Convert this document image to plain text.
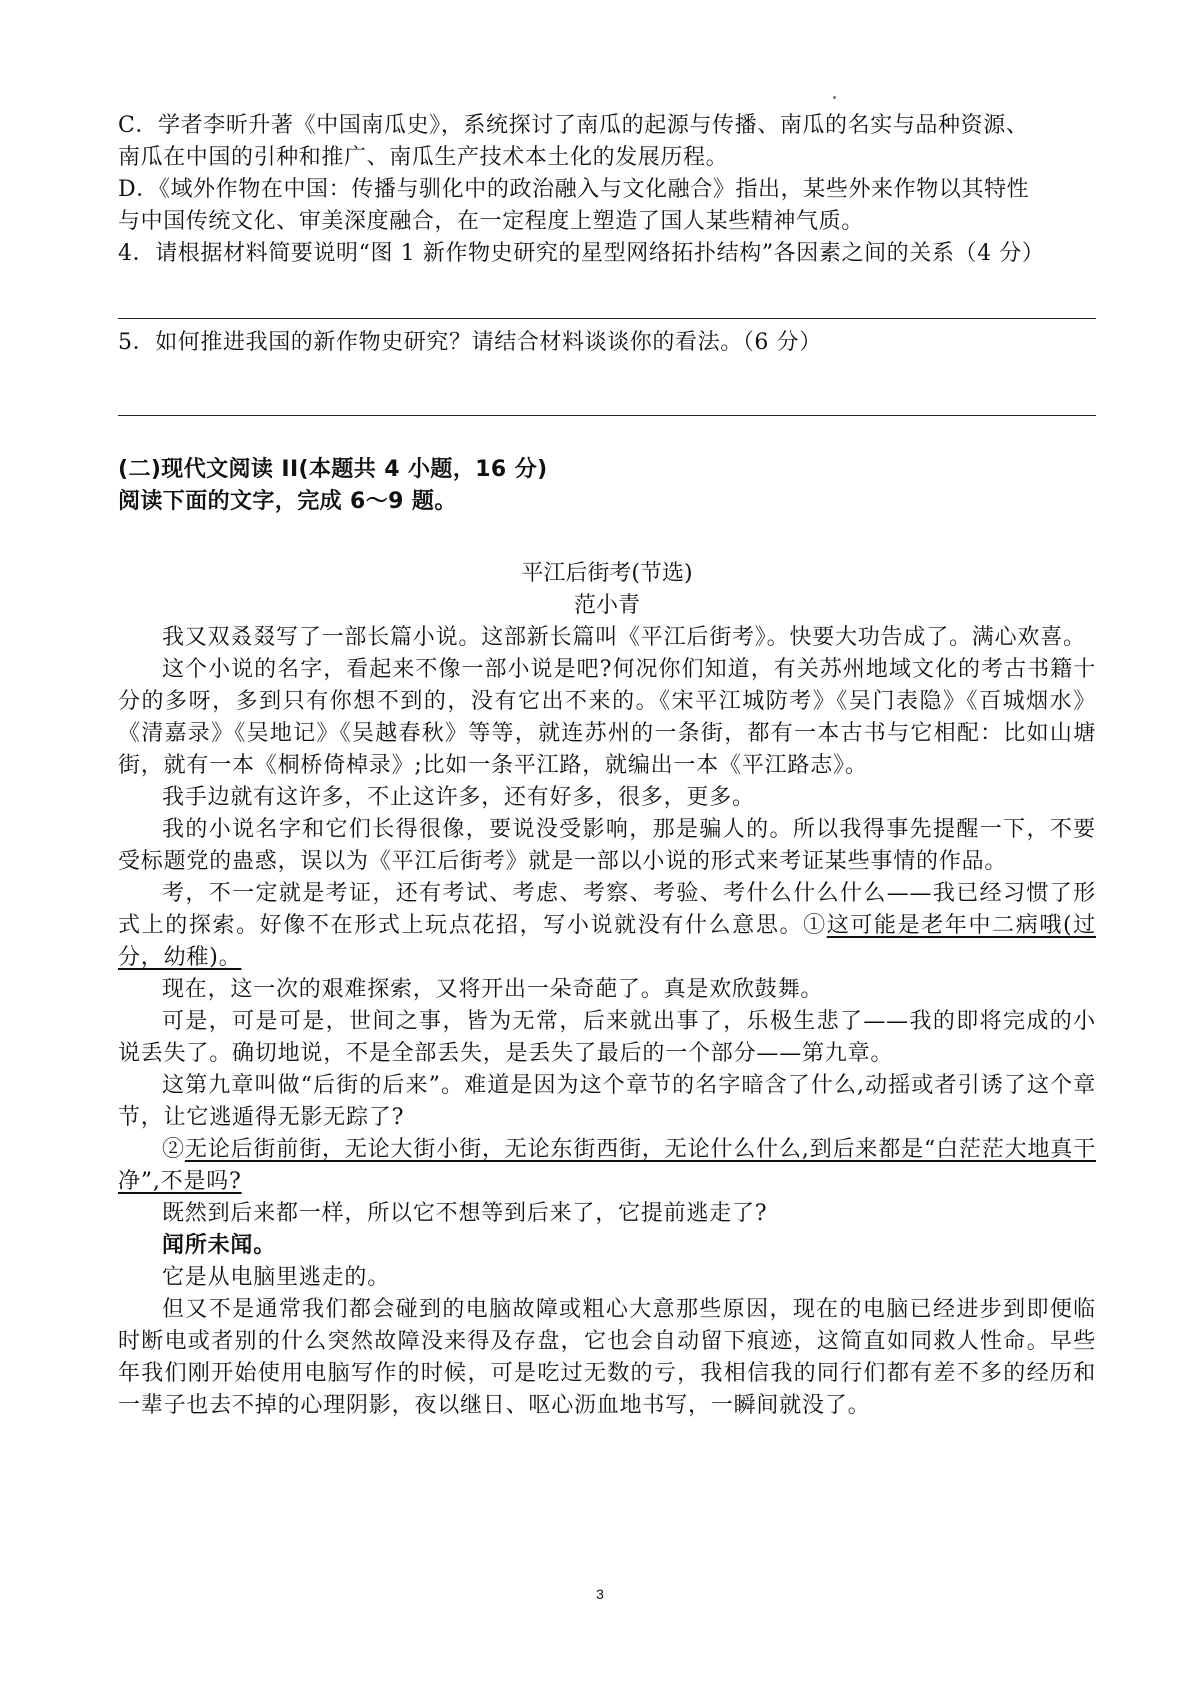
C．学者李昕升著《中国南瓜史》，系统探讨了南瓜的起源与传播、南瓜的名实与品种资源、

南瓜在中国的引种和推广、南瓜生产技术本土化的发展历程。

D．《域外作物在中国：传播与驯化中的政治融入与文化融合》指出，某些外来作物以其特性

与中国传统文化、审美深度融合，在一定程度上塑造了国人某些精神气质。

4．请根据材料简要说明“图 1 新作物史研究的星型网络拓扑结构”各因素之间的关系（4 分）

5．如何推进我国的新作物史研究？请结合材料谈谈你的看法。（6 分）

(二)现代文阅读 II(本题共 4 小题，16 分)

阅读下面的文字，完成 6～9 题。

平江后街考(节选)

范小青

我又双叒叕写了一部长篇小说。这部新长篇叫《平江后街考》。快要大功告成了。满心欢喜。

这个小说的名字，看起来不像一部小说是吧?何况你们知道，有关苏州地域文化的考古书籍十分的多呀，多到只有你想不到的，没有它出不来的。《宋平江城防考》《吴门表隐》《百城烟水》《清嘉录》《吴地记》《吴越春秋》等等，就连苏州的一条街，都有一本古书与它相配：比如山塘街，就有一本《桐桥倚棹录》;比如一条平江路，就编出一本《平江路志》。

我手边就有这许多，不止这许多，还有好多，很多，更多。

我的小说名字和它们长得很像，要说没受影响，那是骗人的。所以我得事先提醒一下，不要受标题党的蛊惑，误以为《平江后街考》就是一部以小说的形式来考证某些事情的作品。

考，不一定就是考证，还有考试、考虑、考察、考验、考什么什么什么——我已经习惯了形式上的探索。好像不在形式上玩点花招，写小说就没有什么意思。①这可能是老年中二病哦(过分，幼稚)。

现在，这一次的艰难探索，又将开出一朵奇葩了。真是欢欣鼓舞。

可是，可是可是，世间之事，皆为无常，后来就出事了，乐极生悲了——我的即将完成的小说丢失了。确切地说，不是全部丢失，是丢失了最后的一个部分——第九章。

这第九章叫做“后街的后来”。难道是因为这个章节的名字暗含了什么,动摇或者引诱了这个章节，让它逃遁得无影无踪了?

②无论后街前街，无论大街小街，无论东街西街，无论什么什么,到后来都是“白茫茫大地真干净”,不是吗?

既然到后来都一样，所以它不想等到后来了，它提前逃走了?

闻所未闻。

它是从电脑里逃走的。

但又不是通常我们都会碰到的电脑故障或粗心大意那些原因，现在的电脑已经进步到即便临时断电或者别的什么突然故障没来得及存盘，它也会自动留下痕迹，这简直如同救人性命。早些年我们刚开始使用电脑写作的时候，可是吃过无数的亏，我相信我的同行们都有差不多的经历和一辈子也去不掉的心理阴影，夜以继日、呕心沥血地书写，一瞬间就没了。

3
